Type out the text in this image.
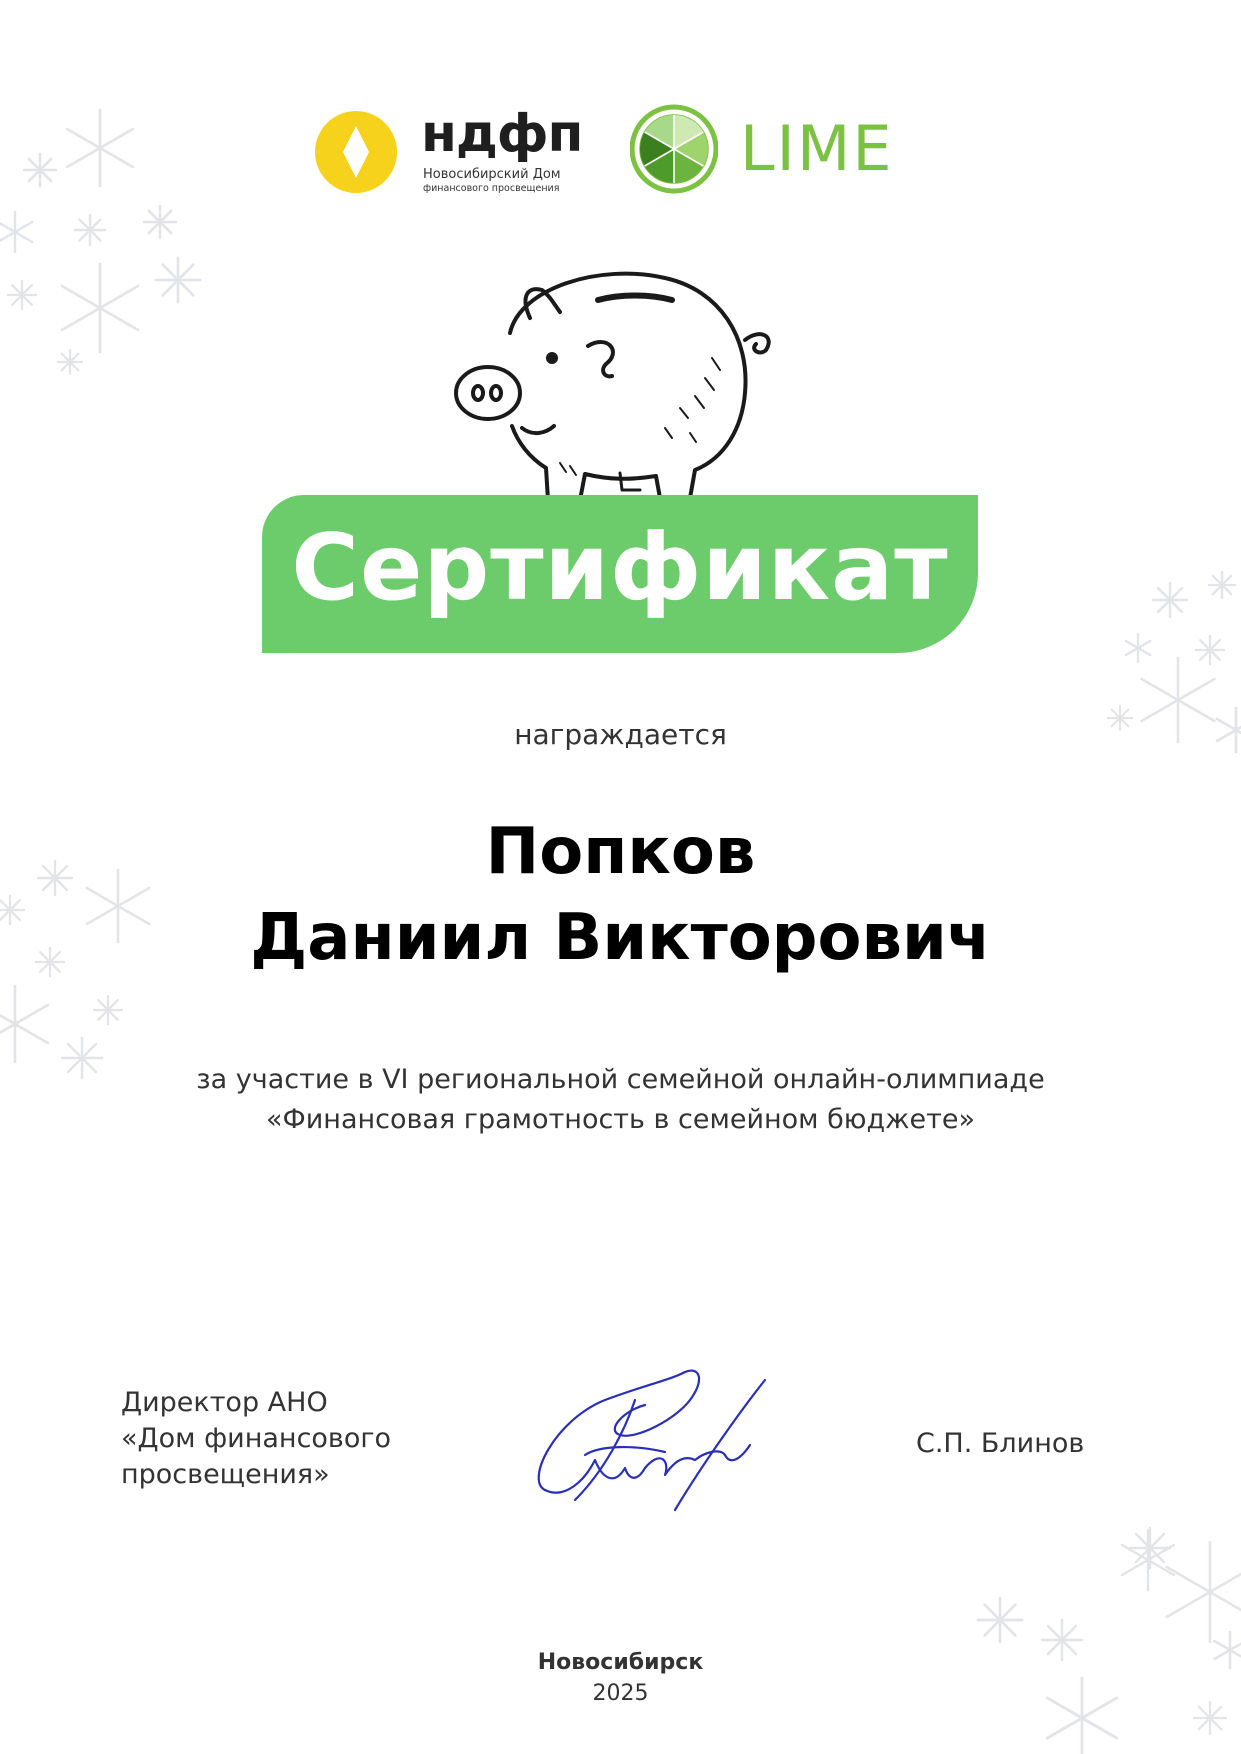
ндфп
Новосибирский Дом
финансового просвещения
LIME
Сертификат
награждается
Попков
Даниил Викторович
за участие в VI региональной семейной онлайн-олимпиаде
«Финансовая грамотность в семейном бюджете»
Директор АНО
«Дом финансового
просвещения»
С.П. Блинов
Новосибирск
2025
